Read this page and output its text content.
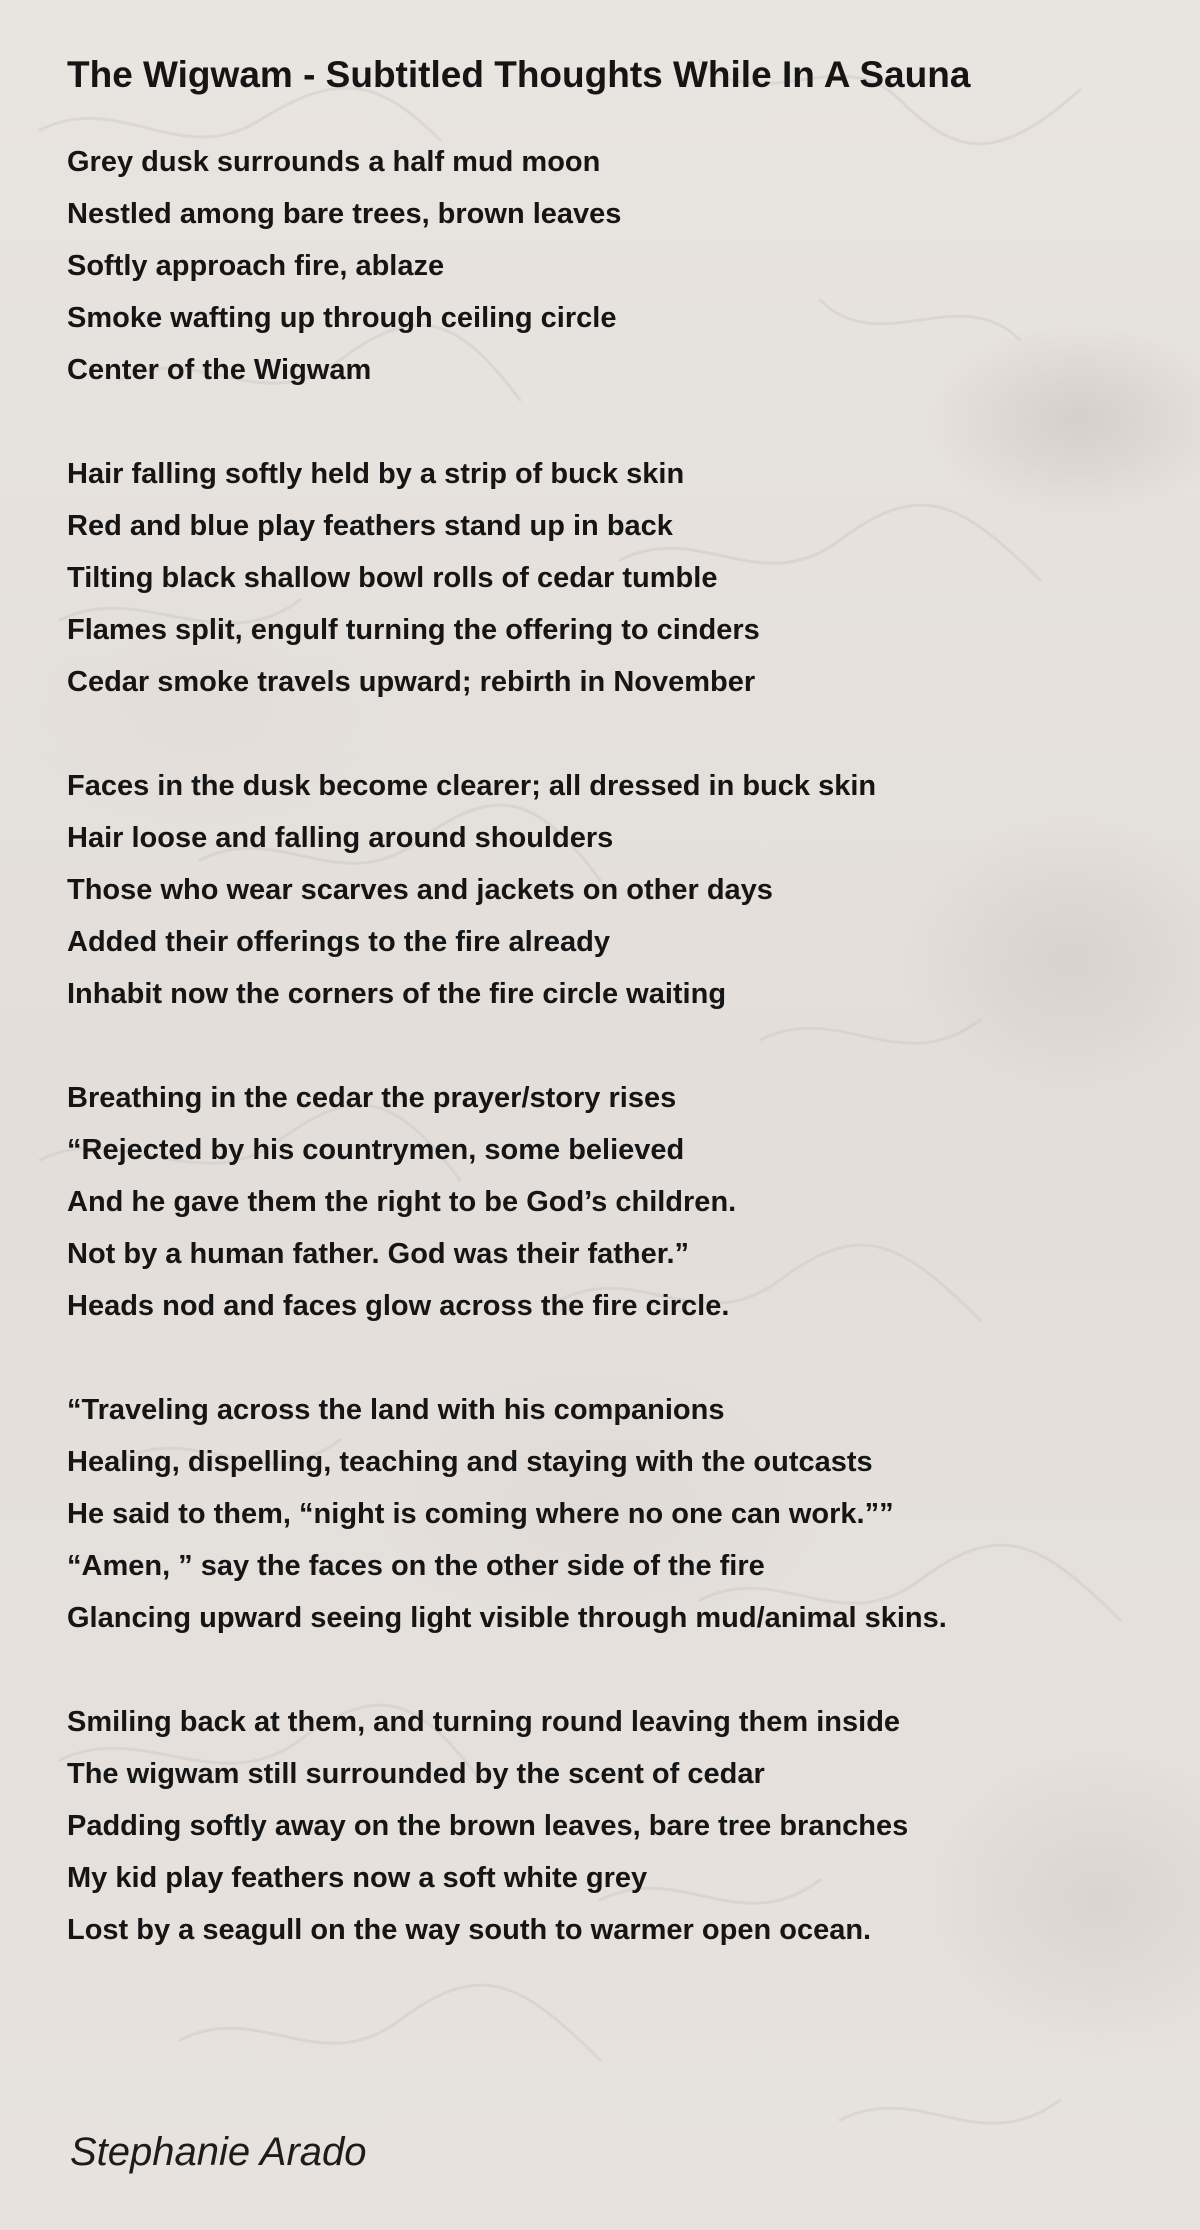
The Wigwam - Subtitled Thoughts While In A Sauna
Grey dusk surrounds a half mud moon
Nestled among bare trees, brown leaves
Softly approach fire, ablaze
Smoke wafting up through ceiling circle
Center of the Wigwam
Hair falling softly held by a strip of buck skin
Red and blue play feathers stand up in back
Tilting black shallow bowl rolls of cedar tumble
Flames split, engulf turning the offering to cinders
Cedar smoke travels upward; rebirth in November
Faces in the dusk become clearer; all dressed in buck skin
Hair loose and falling around shoulders
Those who wear scarves and jackets on other days
Added their offerings to the fire already
Inhabit now the corners of the fire circle waiting
Breathing in the cedar the prayer/story rises
“Rejected by his countrymen, some believed
And he gave them the right to be God’s children.
Not by a human father. God was their father.”
Heads nod and faces glow across the fire circle.
“Traveling across the land with his companions
Healing, dispelling, teaching and staying with the outcasts
He said to them, “night is coming where no one can work.””
“Amen, ” say the faces on the other side of the fire
Glancing upward seeing light visible through mud/animal skins.
Smiling back at them, and turning round leaving them inside
The wigwam still surrounded by the scent of cedar
Padding softly away on the brown leaves, bare tree branches
My kid play feathers now a soft white grey
Lost by a seagull on the way south to warmer open ocean.
Stephanie Arado
